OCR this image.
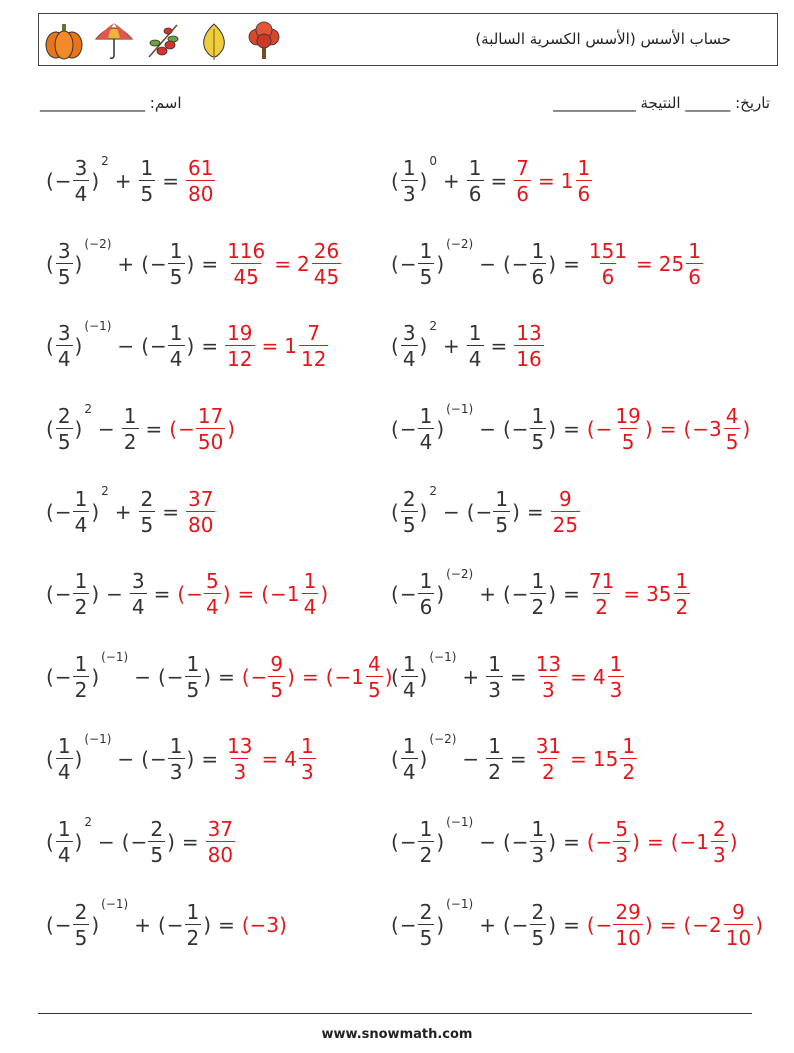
حساب الأسس (الأسس الكسرية السالبة)
اسم: ______________	تاريخ: ______ النتيجة ___________
( − $\frac{3}{4}$ )
2
+ $\frac{1}{5} = \frac{61}{80}$
( $\frac{3}{5}$ )
(−2)
+ ( − $\frac{1}{5}$ ) = $\frac{116}{45} = 2 \frac{26}{45}$
( $\frac{3}{4}$ )
(−1)
− ( − $\frac{1}{4}$ ) = $\frac{19}{12} = 1 \frac{7}{12}$
( $\frac{2}{5}$ )
2
− $\frac{1}{2}$ = ( − $\frac{17}{50}$ )
( − $\frac{1}{4}$ )
2
+ $\frac{2}{5} = \frac{37}{80}$
( − $\frac{1}{2}$ ) − $\frac{3}{4}$ = ( − $\frac{5}{4}$ ) = ( $-1 \frac{1}{4}$ )
( − $\frac{1}{2}$ )
(−1)
− ( − $\frac{1}{5}$ ) = ( − $\frac{9}{5}$ ) = ( $-1 \frac{4}{5}$ )
( $\frac{1}{4}$ )
(−1)
− ( − $\frac{1}{3}$ ) = $\frac{13}{3} = 4 \frac{1}{3}$
( $\frac{1}{4}$ )
2
− ( − $\frac{2}{5}$ ) = $\frac{37}{80}$
( − $\frac{2}{5}$ )
(−1)
+ ( − $\frac{1}{2}$ ) = (−3)
( $\frac{1}{3}$ )
0
+ $\frac{1}{6} = \frac{7}{6} = 1 \frac{1}{6}$
( − $\frac{1}{5}$ )
(−2)
− ( − $\frac{1}{6}$ ) = $\frac{151}{6} = 25 \frac{1}{6}$
( $\frac{3}{4}$ )
2
+ $\frac{1}{4} = \frac{13}{16}$
( − $\frac{1}{4}$ )
(−1)
− ( − $\frac{1}{5}$ ) = ( − $\frac{19}{5}$ ) = ( $-3 \frac{4}{5}$ )
( $\frac{2}{5}$ )
2
− ( − $\frac{1}{5}$ ) = $\frac{9}{25}$
( − $\frac{1}{6}$ )
(−2)
+ ( − $\frac{1}{2}$ ) = $\frac{71}{2} = 35 \frac{1}{2}$
( $\frac{1}{4}$ )
(−1)
+ $\frac{1}{3} = \frac{13}{3} = 4 \frac{1}{3}$
( $\frac{1}{4}$ )
(−2)
− $\frac{1}{2} = \frac{31}{2} = 15 \frac{1}{2}$
( − $\frac{1}{2}$ )
(−1)
− ( − $\frac{1}{3}$ ) = ( − $\frac{5}{3}$ ) = ( $-1 \frac{2}{3}$ )
( − $\frac{2}{5}$ )
(−1)
+ ( − $\frac{2}{5}$ ) = ( − $\frac{29}{10}$ ) = ( $-2 \frac{9}{10}$ )
www.snowmath.com
